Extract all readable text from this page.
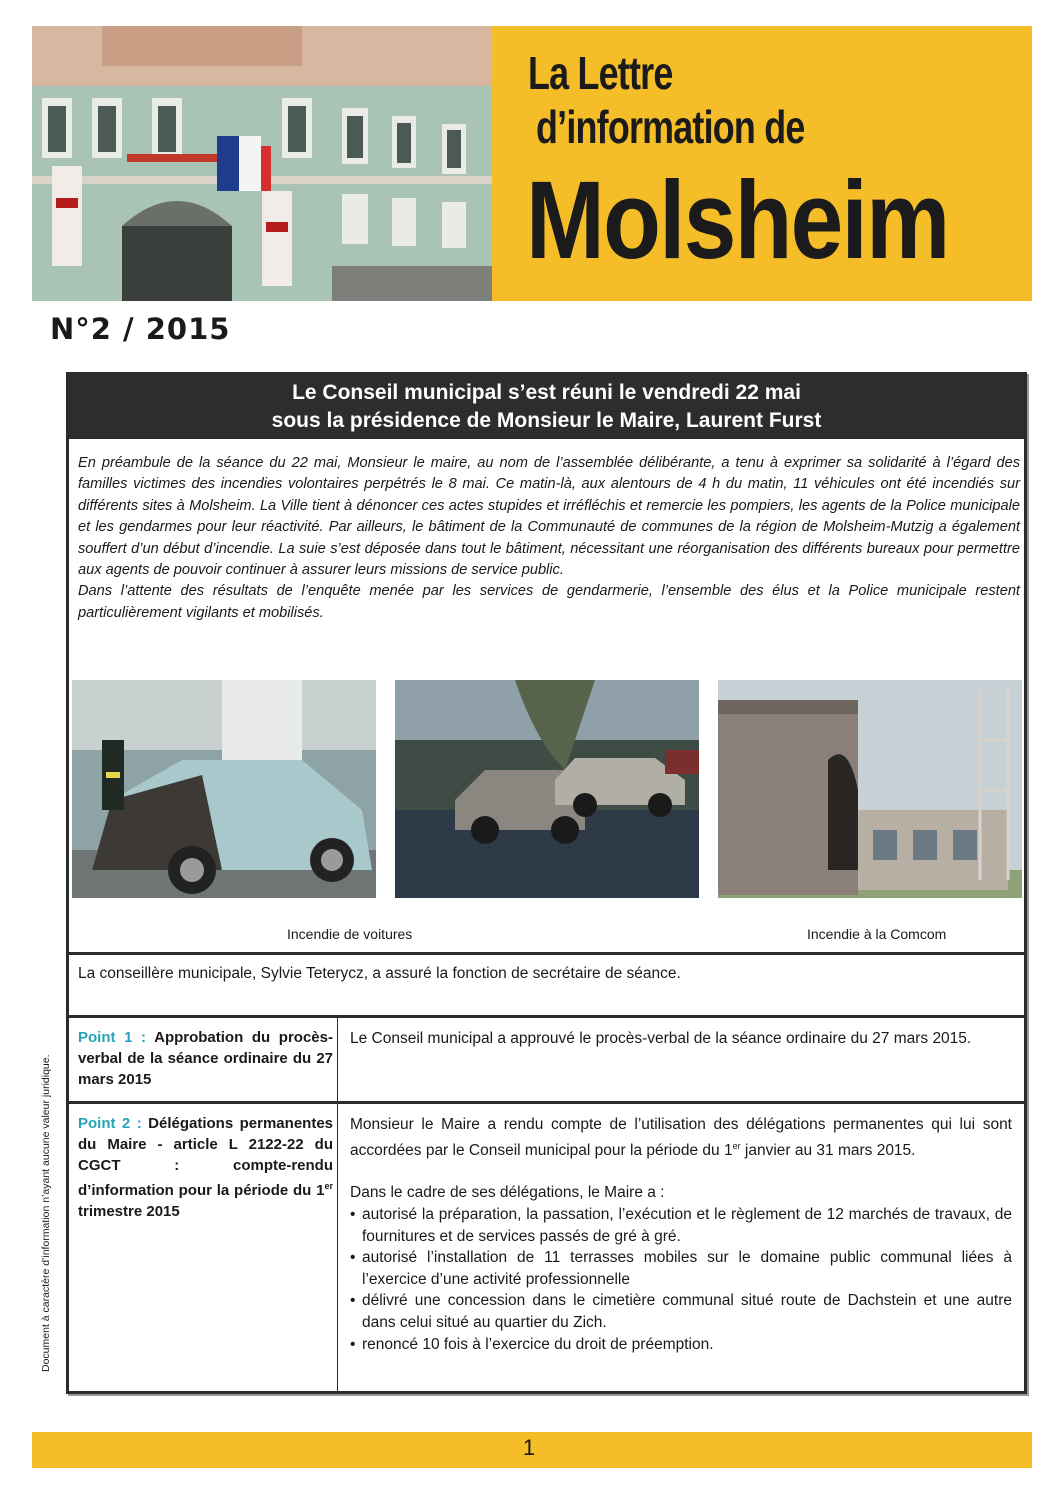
La Lettre
d’information de
Molsheim
N°2 / 2015
Le Conseil municipal s’est réuni le vendredi 22 mai
sous la présidence de Monsieur le Maire, Laurent Furst

En préambule de la séance du 22 mai, Monsieur le maire, au nom de l’assemblée délibérante, a tenu à exprimer sa solidarité à l’égard des familles victimes des incendies volontaires perpétrés le 8 mai. Ce matin-là, aux alentours de 4 h du matin, 11 véhicules ont été incendiés sur différents sites à Molsheim. La Ville tient à dénoncer ces actes stupides et irréfléchis et remercie les pompiers, les agents de la Police municipale et les gendarmes pour leur réactivité. Par ailleurs, le bâtiment de la Communauté de communes de la région de Molsheim-Mutzig a également souffert d’un début d’incendie. La suie s’est déposée dans tout le bâtiment, nécessitant une réorganisation des différents bureaux pour permettre aux agents de pouvoir continuer à assurer leurs missions de service public.

Dans l’attente des résultats de l’enquête menée par les services de gendarmerie, l’ensemble des élus et la Police municipale restent particulièrement vigilants et mobilisés.

Incendie de voitures	Incendie à la Comcom
La conseillère municipale, Sylvie Teterycz, a assuré la fonction de secrétaire de séance.
Point 1 : Approbation du procès-verbal de la séance ordinaire du 27 mars 2015
Le Conseil municipal a approuvé le procès-verbal de la séance ordinaire du 27 mars 2015.
Point 2 : Délégations permanentes du Maire - article L 2122-22 du CGCT : compte-rendu d’information pour la période du 1er trimestre 2015

Monsieur le Maire a rendu compte de l’utilisation des délégations permanentes qui lui sont accordées par le Conseil municipal pour la période du 1er janvier au 31 mars 2015.

Dans le cadre de ses délégations, le Maire a :

• autorisé la préparation, la passation, l’exécution et le règlement de 12 marchés de travaux, de fournitures et de services passés de gré à gré.
• autorisé l’installation de 11 terrasses mobiles sur le domaine public communal liées à l’exercice d’une activité professionnelle
• délivré une concession dans le cimetière communal situé route de Dachstein et une autre dans celui situé au quartier du Zich.
• renoncé 10 fois à l’exercice du droit de préemption.
Document à caractère d’information n’ayant aucune valeur juridique.
1
